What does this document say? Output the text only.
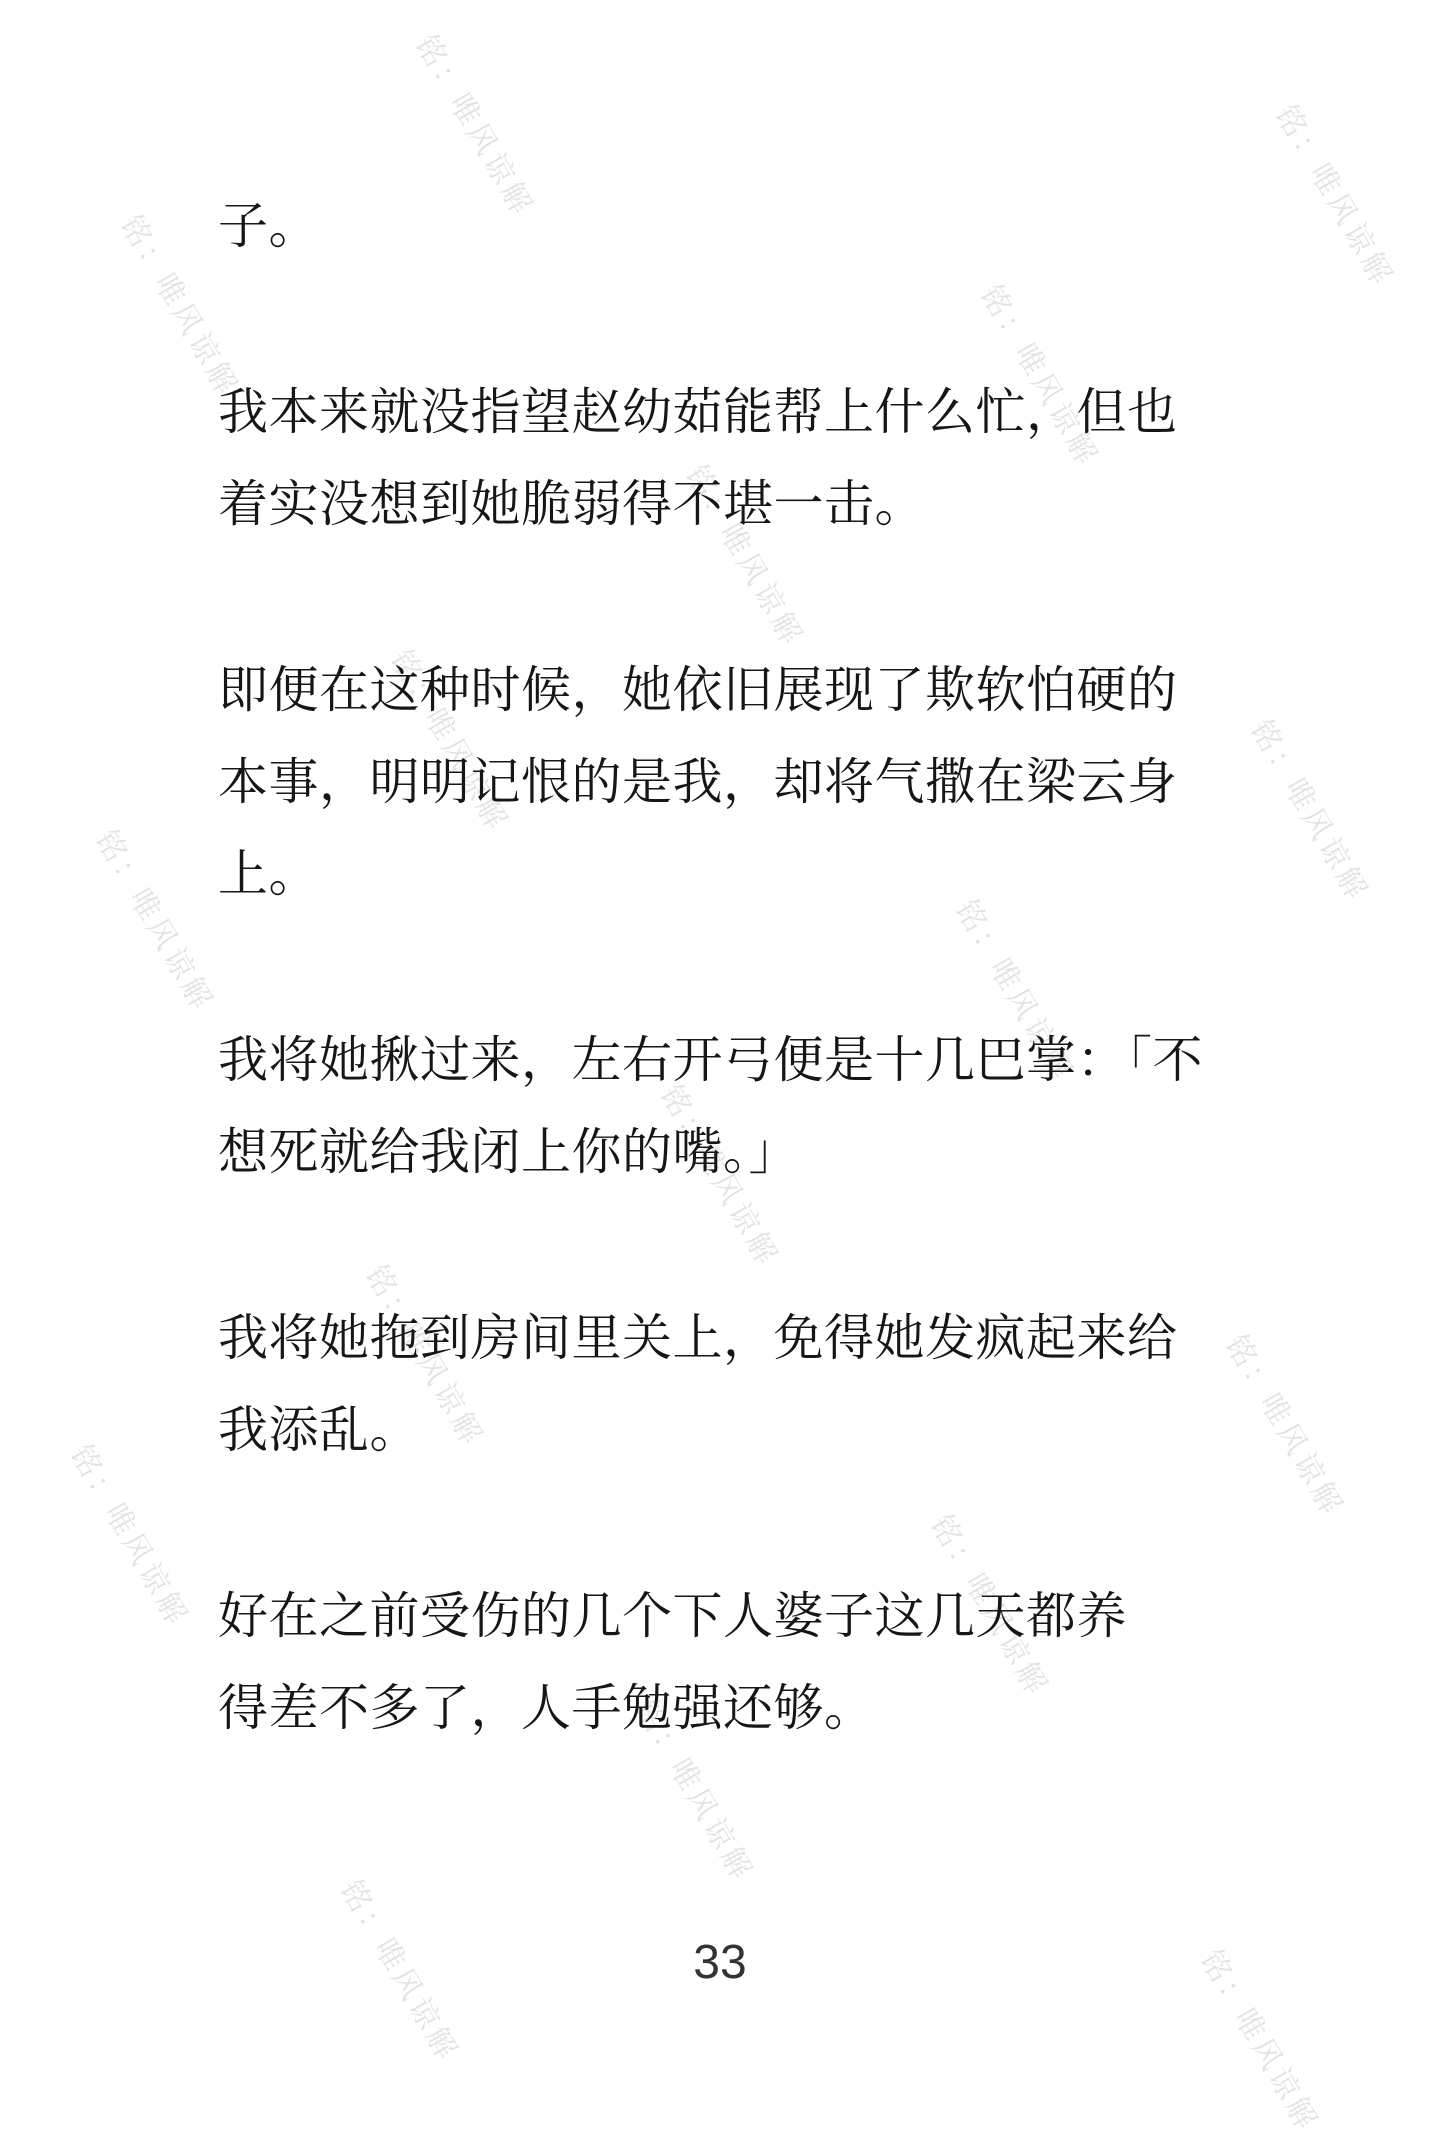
铭：唯风谅解	铭：唯风谅解
铭：唯风谅解	铭：唯风谅解
铭：唯风谅解
铭：唯风谅解	铭：唯风谅解
铭：唯风谅解	铭：唯风谅解
铭：唯风谅解
铭：唯风谅解	铭：唯风谅解
铭：唯风谅解	铭：唯风谅解
铭：唯风谅解
铭：唯风谅解	铭：唯风谅解

子。

我本来就没指望赵幼茹能帮上什么忙，但也
着实没想到她脆弱得不堪一击。

即便在这种时候，她依旧展现了欺软怕硬的
本事，明明记恨的是我，却将气撒在梁云身
上。

我将她揪过来，左右开弓便是十几巴掌：「不
想死就给我闭上你的嘴。」

我将她拖到房间里关上，免得她发疯起来给
我添乱。

好在之前受伤的几个下人婆子这几天都养
得差不多了，人手勉强还够。

33
